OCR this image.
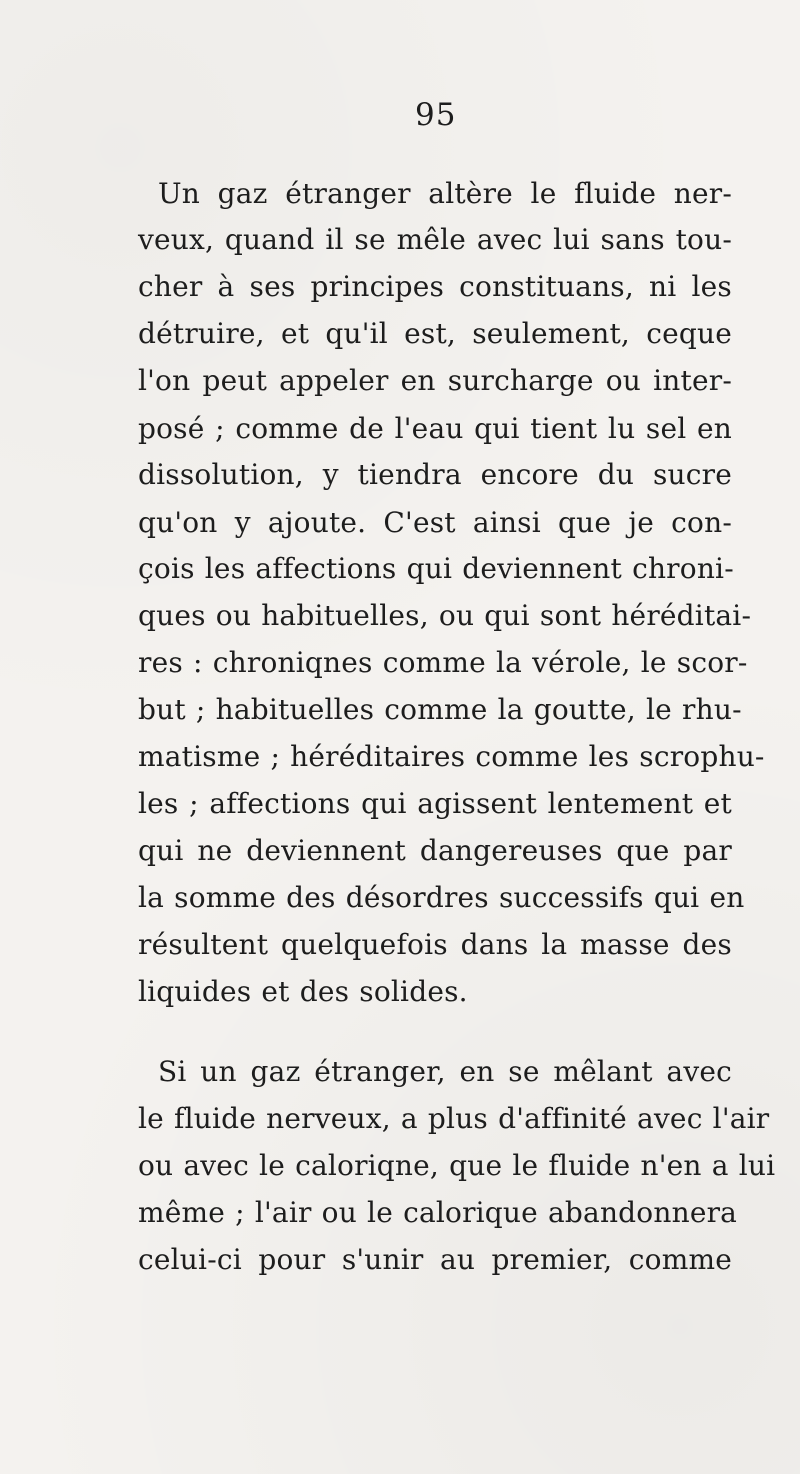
95
Un gaz étranger altère le fluide ner-
veux, quand il se mêle avec lui sans tou-
cher à ses principes constituans, ni les
détruire, et qu'il est, seulement, ceque
l'on peut appeler en surcharge ou inter-
posé ; comme de l'eau qui tient lu sel en
dissolution, y tiendra encore du sucre
qu'on y ajoute. C'est ainsi que je con-
çois les affections qui deviennent chroni-
ques ou habituelles, ou qui sont héréditai-
res : chroniqnes comme la vérole, le scor-
but ; habituelles comme la goutte, le rhu-
matisme ; héréditaires comme les scrophu-
les ; affections qui agissent lentement et
qui ne deviennent dangereuses que par
la somme des désordres successifs qui en
résultent quelquefois dans la masse des
liquides et des solides.
Si un gaz étranger, en se mêlant avec
le fluide nerveux, a plus d'affinité avec l'air
ou avec le caloriqne, que le fluide n'en a lui
même ; l'air ou le calorique abandonnera
celui-ci pour s'unir au premier, comme
